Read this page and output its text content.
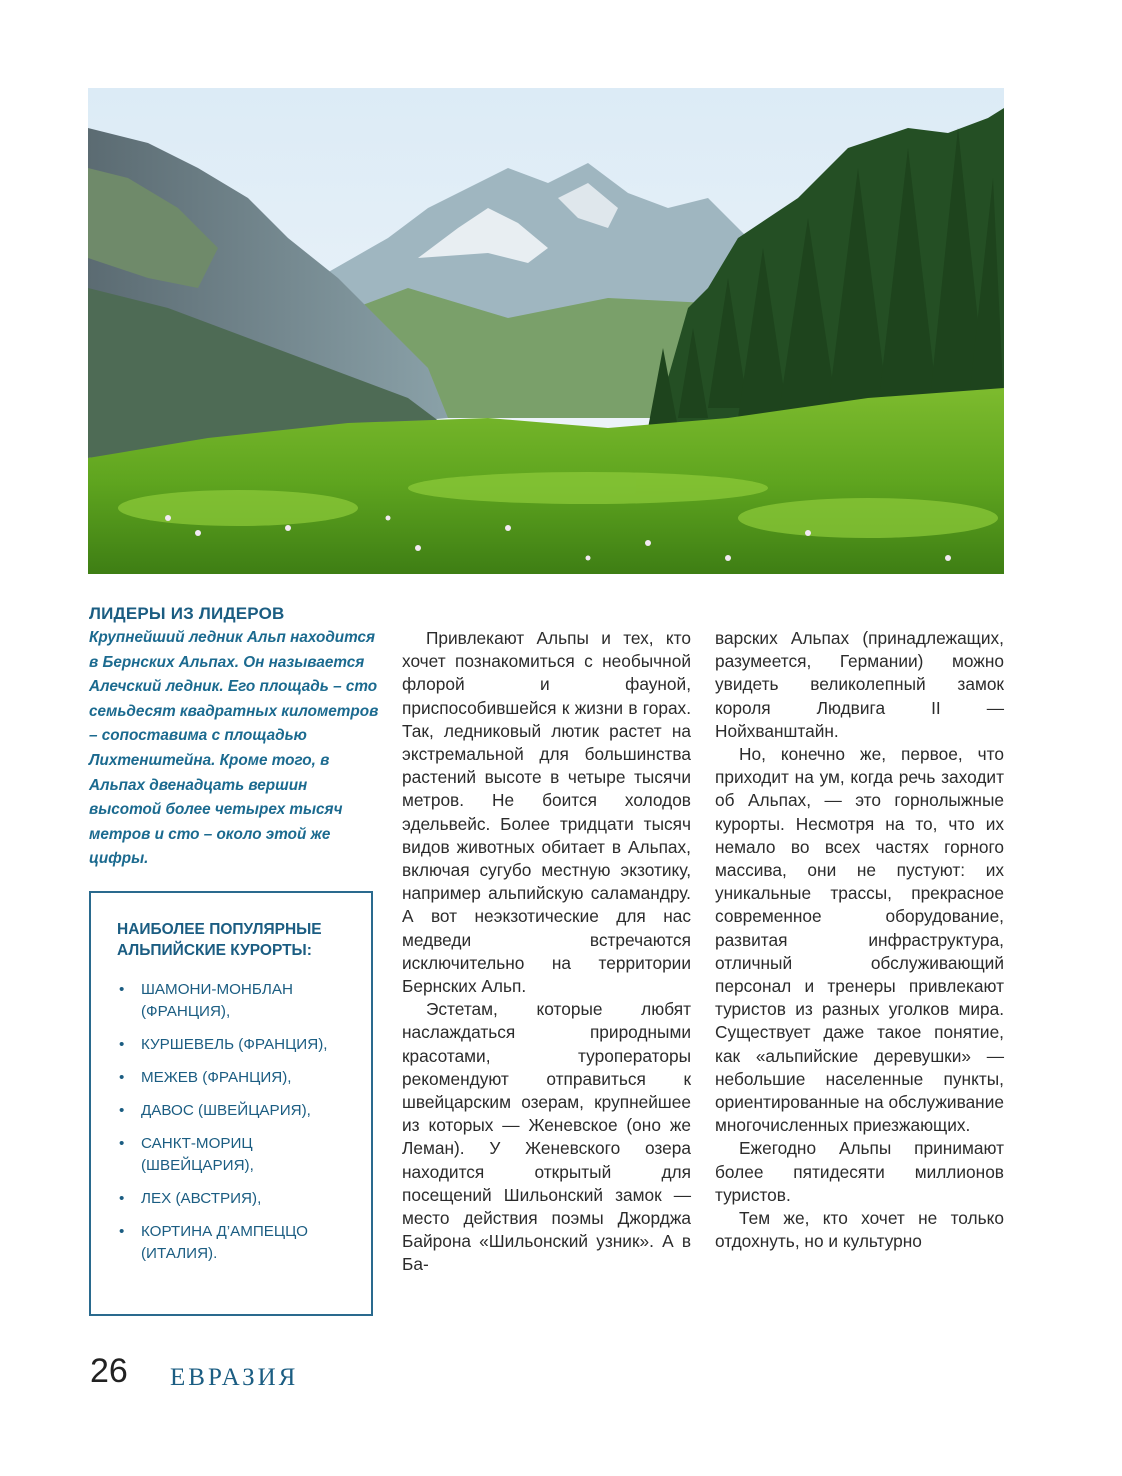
ЛИДЕРЫ ИЗ ЛИДЕРОВ

Крупнейший ледник Альп находится в Бернских Альпах. Он называется Алечский ледник. Его площадь – сто семьдесят квадратных километров – сопоставима с площадью Лихтенштейна. Кроме того, в Альпах двенадцать вершин высотой более четырех тысяч метров и сто – около этой же цифры.

НАИБОЛЕЕ ПОПУЛЯРНЫЕ АЛЬПИЙСКИЕ КУРОРТЫ:
• ШАМОНИ-МОНБЛАН (ФРАНЦИЯ),
• КУРШЕВЕЛЬ (ФРАНЦИЯ),
• МЕЖЕВ (ФРАНЦИЯ),
• ДАВОС (ШВЕЙЦАРИЯ),
• САНКТ-МОРИЦ (ШВЕЙЦАРИЯ),
• ЛЕХ (АВСТРИЯ),
• КОРТИНА Д’АМПЕЦЦО (ИТАЛИЯ).

Привлекают Альпы и тех, кто хочет познакомиться с необычной флорой и фауной, приспособившейся к жизни в горах. Так, ледниковый лютик растет на экстремальной для большинства растений высоте в четыре тысячи метров. Не боится холодов эдельвейс. Более тридцати тысяч видов животных обитает в Альпах, включая сугубо местную экзотику, например альпийскую саламандру. А вот неэкзотические для нас медведи встречаются исключительно на территории Бернских Альп.

Эстетам, которые любят наслаждаться природными красотами, туроператоры рекомендуют отправиться к швейцарским озерам, крупнейшее из которых — Женевское (оно же Леман). У Женевского озера находится открытый для посещений Шильонский замок — место действия поэмы Джорджа Байрона «Шильонский узник». А в Ба-

варских Альпах (принадлежащих, разумеется, Германии) можно увидеть великолепный замок короля Людвига II — Нойхванштайн.

Но, конечно же, первое, что приходит на ум, когда речь заходит об Альпах, — это горнолыжные курорты. Несмотря на то, что их немало во всех частях горного массива, они не пустуют: их уникальные трассы, прекрасное современное оборудование, развитая инфраструктура, отличный обслуживающий персонал и тренеры привлекают туристов из разных уголков мира. Существует даже такое понятие, как «альпийские деревушки» — небольшие населенные пункты, ориентированные на обслуживание многочисленных приезжающих.

Ежегодно Альпы принимают более пятидесяти миллионов туристов.

Тем же, кто хочет не только отдохнуть, но и культурно

26 ЕВРАЗИЯ
